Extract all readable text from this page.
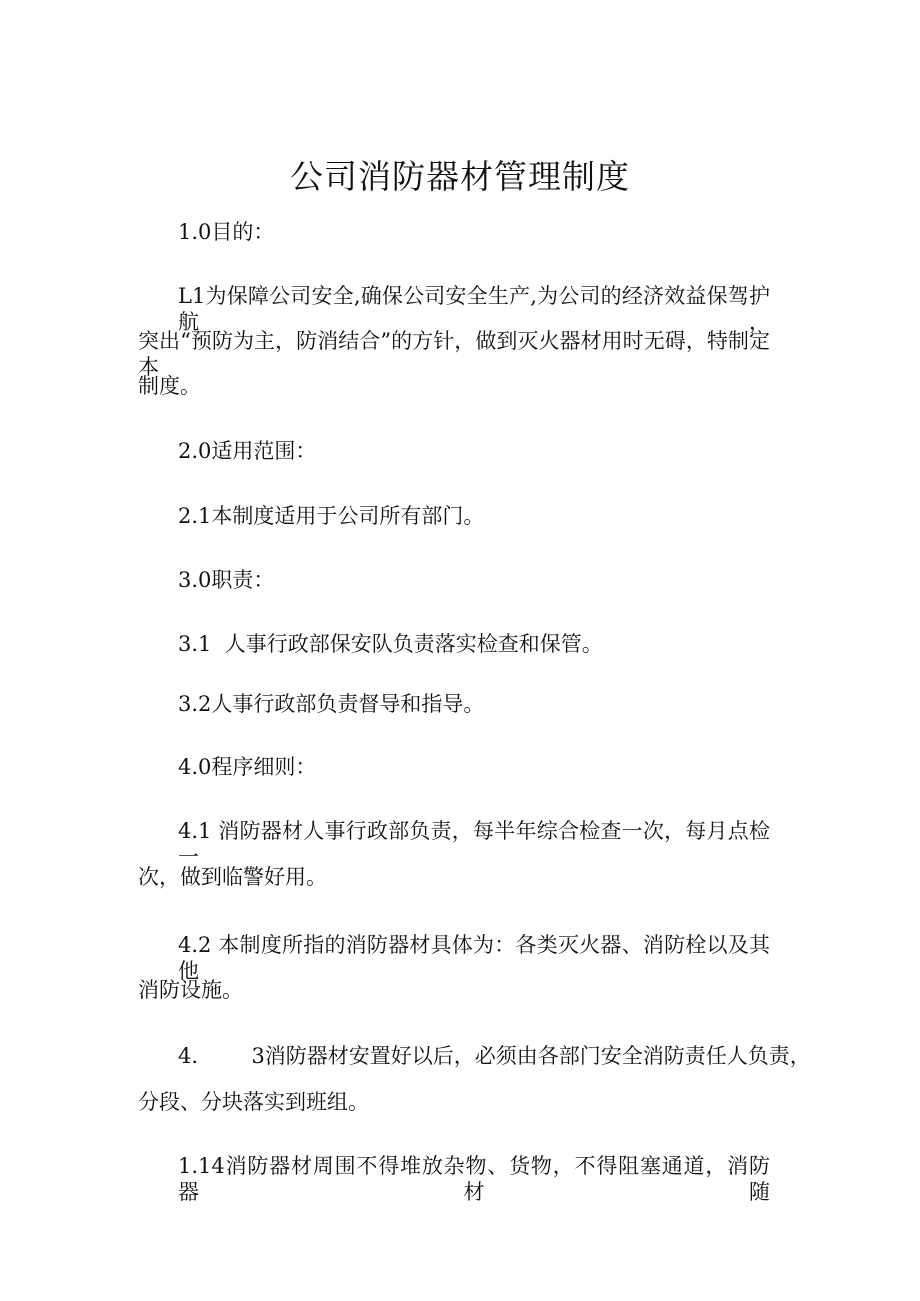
公司消防器材管理制度
1.0目的：
L1为保障公司安全,确保公司安全生产,为公司的经济效益保驾护航，
突出“预防为主，防消结合”的方针，做到灭火器材用时无碍，特制定本
制度。
2.0适用范围：
2.1本制度适用于公司所有部门。
3.0职责：
3.1  人事行政部保安队负责落实检查和保管。
3.2人事行政部负责督导和指导。
4.0程序细则：
4.1 消防器材人事行政部负责，每半年综合检查一次，每月点检一
次，做到临警好用。
4.2 本制度所指的消防器材具体为：各类灭火器、消防栓以及其他
消防设施。
4.        3消防器材安置好以后，必须由各部门安全消防责任人负责，
分段、分块落实到班组。
1.14消防器材周围不得堆放杂物、货物，不得阻塞通道，消防器材随
